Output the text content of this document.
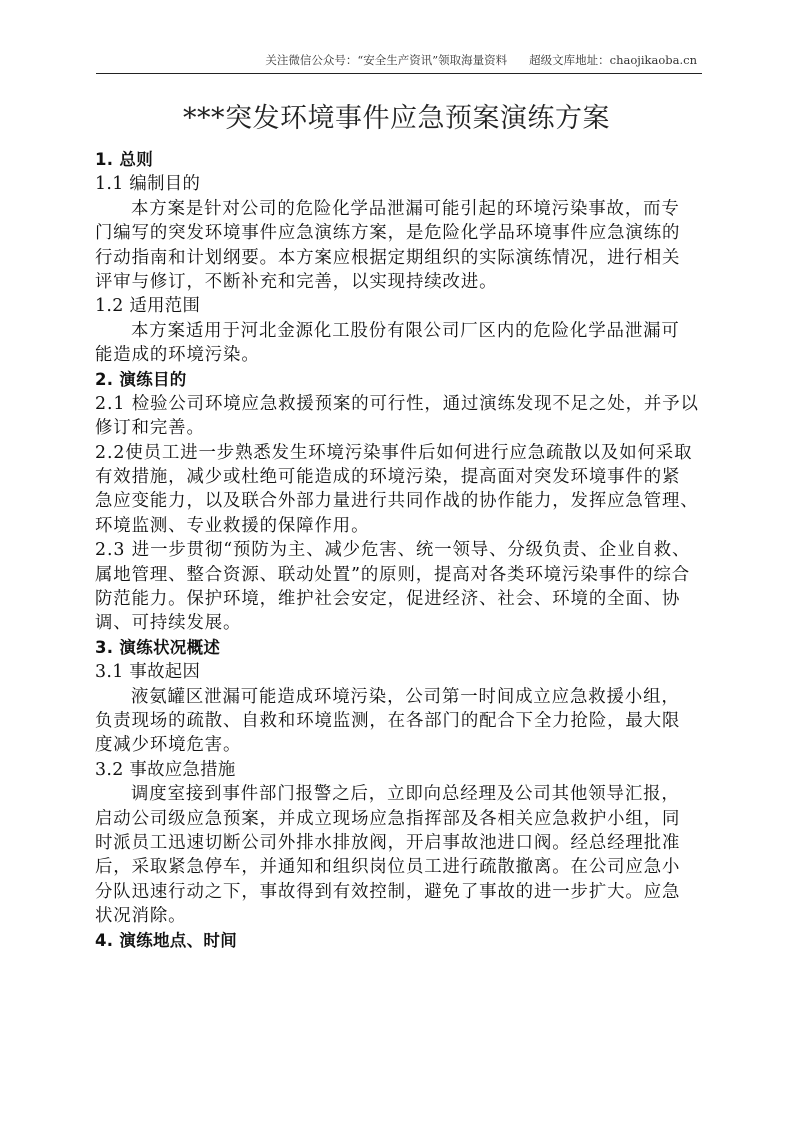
关注微信公众号：“安全生产资讯”领取海量资料 超级文库地址：chaojikaoba.cn
***突发环境事件应急预案演练方案
1. 总则
1.1 编制目的
本方案是针对公司的危险化学品泄漏可能引起的环境污染事故，而专
门编写的突发环境事件应急演练方案，是危险化学品环境事件应急演练的
行动指南和计划纲要。本方案应根据定期组织的实际演练情况，进行相关
评审与修订，不断补充和完善，以实现持续改进。
1.2 适用范围
本方案适用于河北金源化工股份有限公司厂区内的危险化学品泄漏可
能造成的环境污染。
2. 演练目的
2.1 检验公司环境应急救援预案的可行性，通过演练发现不足之处，并予以
修订和完善。
2.2使员工进一步熟悉发生环境污染事件后如何进行应急疏散以及如何采取
有效措施，减少或杜绝可能造成的环境污染，提高面对突发环境事件的紧
急应变能力，以及联合外部力量进行共同作战的协作能力，发挥应急管理、
环境监测、专业救援的保障作用。
2.3 进一步贯彻“预防为主、减少危害、统一领导、分级负责、企业自救、
属地管理、整合资源、联动处置”的原则，提高对各类环境污染事件的综合
防范能力。保护环境，维护社会安定，促进经济、社会、环境的全面、协
调、可持续发展。
3. 演练状况概述
3.1 事故起因
液氨罐区泄漏可能造成环境污染，公司第一时间成立应急救援小组，
负责现场的疏散、自救和环境监测，在各部门的配合下全力抢险，最大限
度减少环境危害。
3.2 事故应急措施
调度室接到事件部门报警之后，立即向总经理及公司其他领导汇报，
启动公司级应急预案，并成立现场应急指挥部及各相关应急救护小组，同
时派员工迅速切断公司外排水排放阀，开启事故池进口阀。经总经理批准
后，采取紧急停车，并通知和组织岗位员工进行疏散撤离。在公司应急小
分队迅速行动之下，事故得到有效控制，避免了事故的进一步扩大。应急
状况消除。
4. 演练地点、时间
